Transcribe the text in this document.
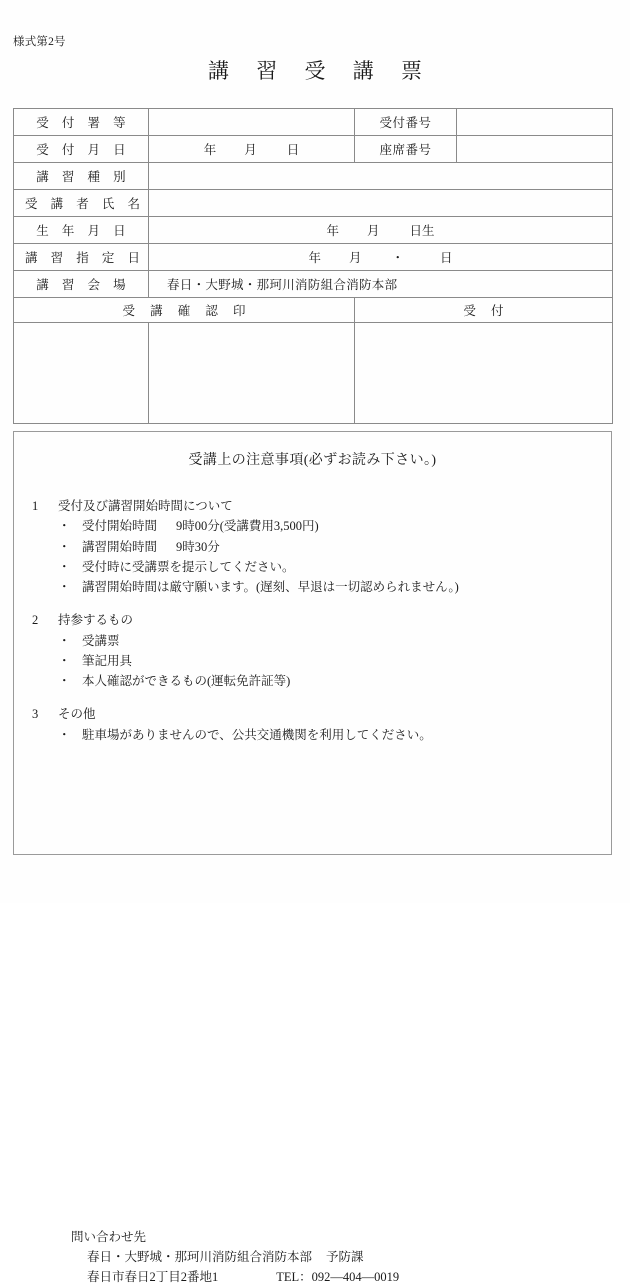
様式第2号
講 習 受 講 票
受 付 署 等		受付番号	
受 付 月 日	年 月 日	座席番号	
講 習 種 別			
受 講 者 氏 名			
生 年 月 日	年 月 日生		
講 習 指 定 日	年 月 ・ 日		
講 習 会 場	春日・大野城・那珂川消防組合消防本部		
受 講 確 認 印		受 付	

受講上の注意事項(必ずお読み下さい。)
1 受付及び講習開始時間について
・ 受付開始時間 9時00分(受講費用3,500円)
・ 講習開始時間 9時30分
・ 受付時に受講票を提示してください。
・ 講習開始時間は厳守願います。(遅刻、早退は一切認められません。)
2 持参するもの
・ 受講票
・ 筆記用具
・ 本人確認ができるもの(運転免許証等)
3 その他
・ 駐車場がありませんので、公共交通機関を利用してください。
問い合わせ先
春日・大野城・那珂川消防組合消防本部 予防課
春日市春日2丁目2番地1	TEL：092―404―0019
